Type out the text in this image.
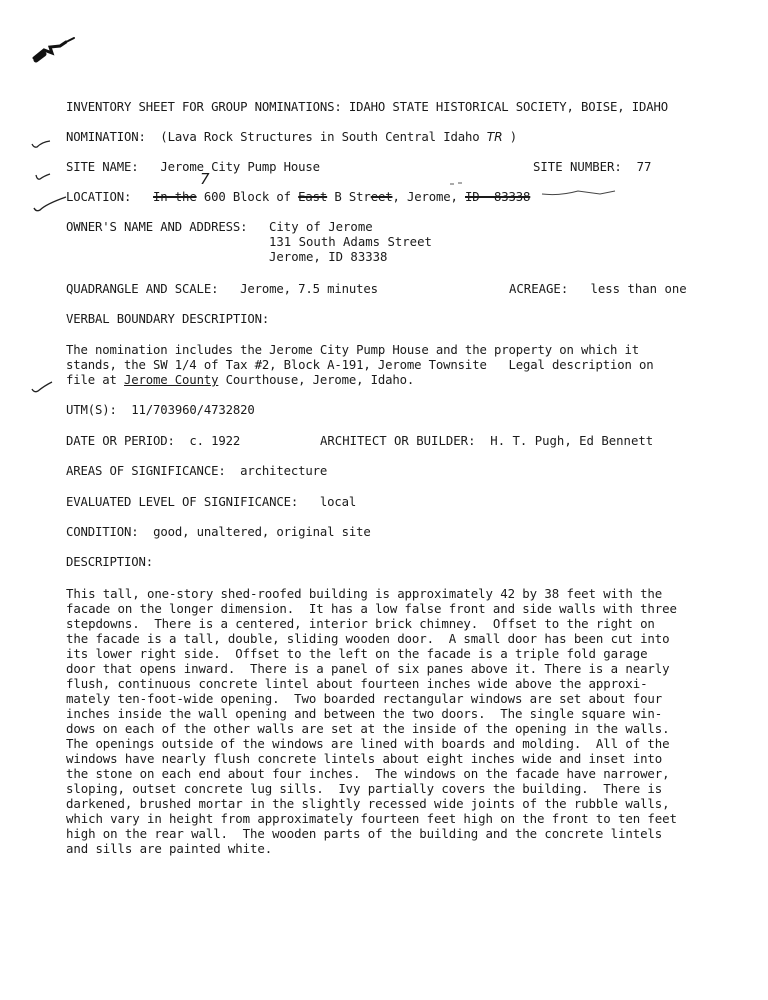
INVENTORY SHEET FOR GROUP NOMINATIONS: IDAHO STATE HISTORICAL SOCIETY, BOISE, IDAHO
NOMINATION:  (Lava Rock Structures in South Central Idaho TR )
SITE NAME: Jerome City Pump House	SITE NUMBER: 77
LOCATION: In the 600 Block of East B Street, Jerome, ID  83338
7
OWNER'S NAME AND ADDRESS: City of Jerome
131 South Adams Street
Jerome, ID 83338
QUADRANGLE AND SCALE: Jerome, 7.5 minutes	ACREAGE: less than one
VERBAL BOUNDARY DESCRIPTION:
The nomination includes the Jerome City Pump House and the property on which it
stands, the SW 1/4 of Tax #2, Block A-191, Jerome Townsite   Legal description on
file at Jerome County Courthouse, Jerome, Idaho.
UTM(S): 11/703960/4732820
DATE OR PERIOD: c. 1922	ARCHITECT OR BUILDER: H. T. Pugh, Ed Bennett
AREAS OF SIGNIFICANCE: architecture
EVALUATED LEVEL OF SIGNIFICANCE: local
CONDITION: good, unaltered, original site
DESCRIPTION:
This tall, one-story shed-roofed building is approximately 42 by 38 feet with the
facade on the longer dimension.  It has a low false front and side walls with three
stepdowns.  There is a centered, interior brick chimney.  Offset to the right on
the facade is a tall, double, sliding wooden door.  A small door has been cut into
its lower right side.  Offset to the left on the facade is a triple fold garage
door that opens inward.  There is a panel of six panes above it. There is a nearly
flush, continuous concrete lintel about fourteen inches wide above the approxi-
mately ten-foot-wide opening.  Two boarded rectangular windows are set about four
inches inside the wall opening and between the two doors.  The single square win-
dows on each of the other walls are set at the inside of the opening in the walls.
The openings outside of the windows are lined with boards and molding.  All of the
windows have nearly flush concrete lintels about eight inches wide and inset into
the stone on each end about four inches.  The windows on the facade have narrower,
sloping, outset concrete lug sills.  Ivy partially covers the building.  There is
darkened, brushed mortar in the slightly recessed wide joints of the rubble walls,
which vary in height from approximately fourteen feet high on the front to ten feet
high on the rear wall.  The wooden parts of the building and the concrete lintels
and sills are painted white.
